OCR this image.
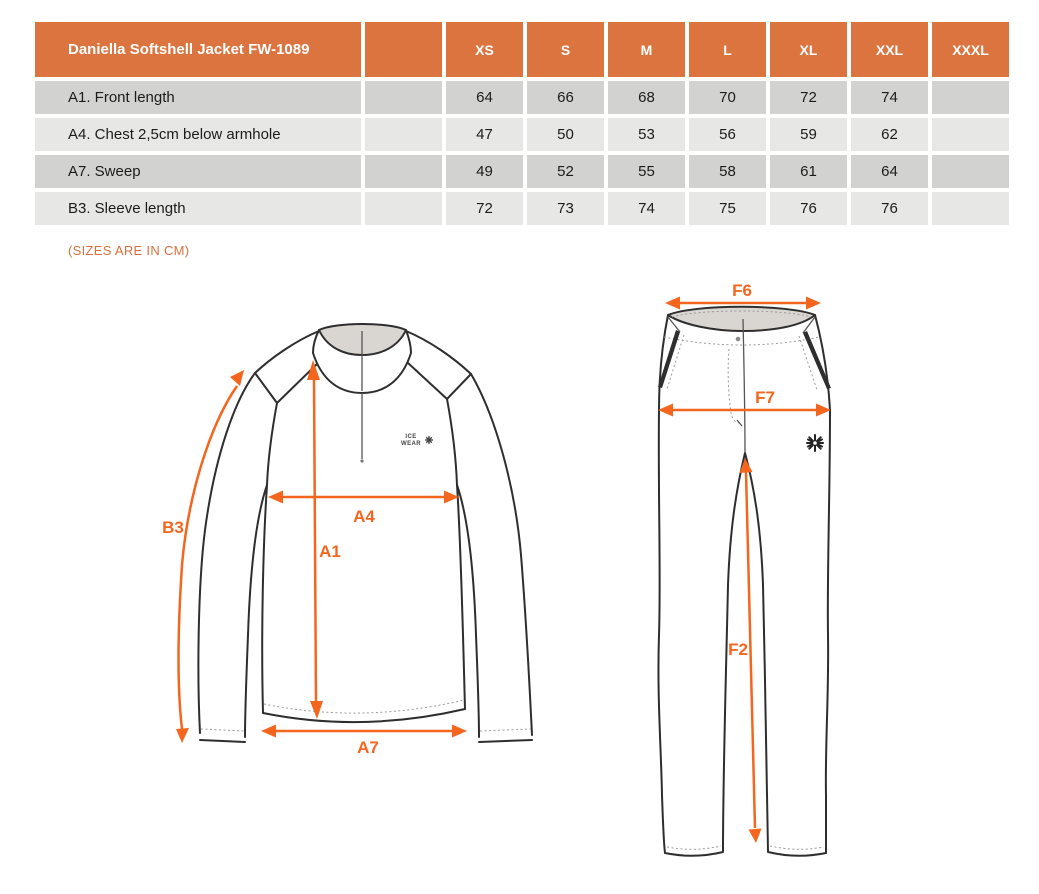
Daniella Softshell Jacket FW-1089	XS	S	M	L	XL	XXL	XXXL
A1. Front length	64	66	68	70	72	74
A4. Chest 2,5cm below armhole	47	50	53	56	59	62
A7. Sweep	49	52	55	58	61	64
B3. Sleeve length	72	73	74	75	76	76
(SIZES ARE IN CM)
ICE
WEAR
B3
A1
A4
A7
F6
F7
F2
